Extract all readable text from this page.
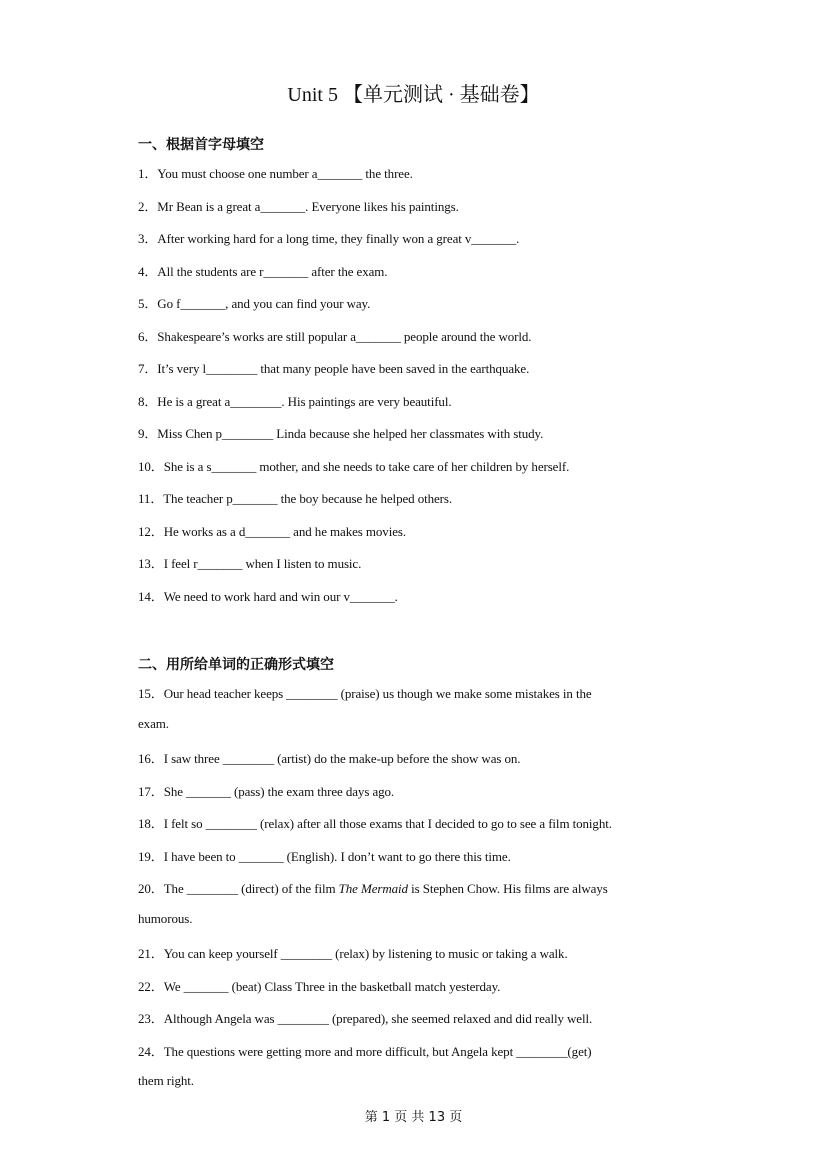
Unit 5 【单元测试 · 基础卷】
一、根据首字母填空
1．You must choose one number a_______ the three.
2．Mr Bean is a great a_______. Everyone likes his paintings.
3．After working hard for a long time, they finally won a great v_______.
4．All the students are r_______ after the exam.
5．Go f_______, and you can find your way.
6．Shakespeare’s works are still popular a_______ people around the world.
7．It’s very l________ that many people have been saved in the earthquake.
8．He is a great a________. His paintings are very beautiful.
9．Miss Chen p________ Linda because she helped her classmates with study.
10．She is a s_______ mother, and she needs to take care of her children by herself.
11．The teacher p_______ the boy because he helped others.
12．He works as a d_______ and he makes movies.
13．I feel r_______ when I listen to music.
14．We need to work hard and win our v_______.
二、用所给单词的正确形式填空
15．Our head teacher keeps ________ (praise) us though we make some mistakes in the
exam.
16．I saw three ________ (artist) do the make-up before the show was on.
17．She _______ (pass) the exam three days ago.
18．I felt so ________ (relax) after all those exams that I decided to go to see a film tonight.
19．I have been to _______ (English). I don’t want to go there this time.
20．The ________ (direct) of the film The Mermaid is Stephen Chow. His films are always
humorous.
21．You can keep yourself ________ (relax) by listening to music or taking a walk.
22．We _______ (beat) Class Three in the basketball match yesterday.
23．Although Angela was ________ (prepared), she seemed relaxed and did really well.
24．The questions were getting more and more difficult, but Angela kept ________(get)
them right.
第 1 页 共 13 页
